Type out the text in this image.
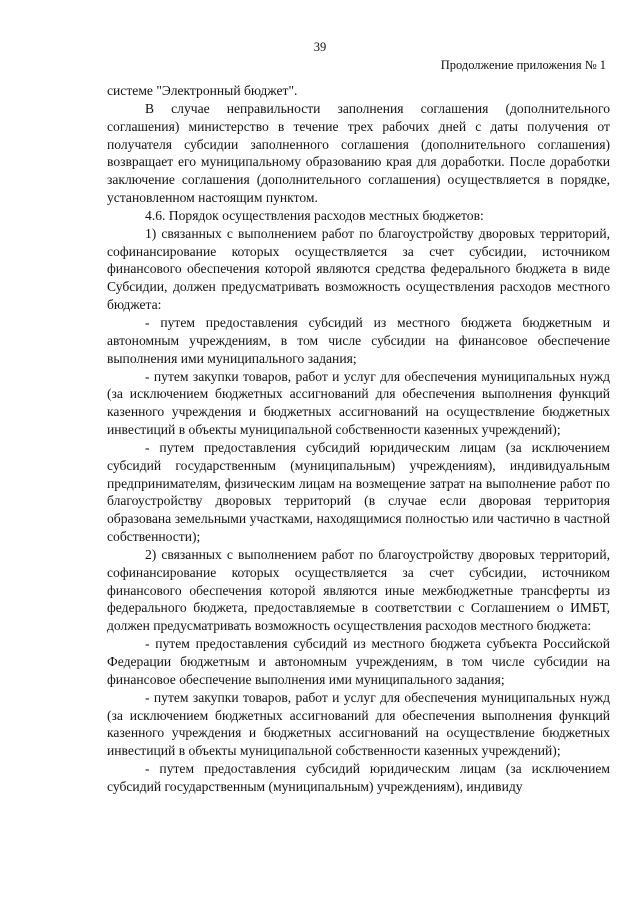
39
Продолжение приложения № 1

системе "Электронный бюджет".

В случае неправильности заполнения соглашения (дополнительного соглашения) министерство в течение трех рабочих дней с даты получения от получателя субсидии заполненного соглашения (дополнительного соглашения) возвращает его муниципальному образованию края для доработки. После доработки заключение соглашения (дополнительного соглашения) осуществляется в порядке, установленном настоящим пунктом.

4.6. Порядок осуществления расходов местных бюджетов:

1) связанных с выполнением работ по благоустройству дворовых территорий, софинансирование которых осуществляется за счет субсидии, источником финансового обеспечения которой являются средства федерального бюджета в виде Субсидии, должен предусматривать возможность осуществления расходов местного бюджета:

- путем предоставления субсидий из местного бюджета бюджетным и автономным учреждениям, в том числе субсидии на финансовое обеспечение выполнения ими муниципального задания;

- путем закупки товаров, работ и услуг для обеспечения муниципальных нужд (за исключением бюджетных ассигнований для обеспечения выполнения функций казенного учреждения и бюджетных ассигнований на осуществление бюджетных инвестиций в объекты муниципальной собственности казенных учреждений);

- путем предоставления субсидий юридическим лицам (за исключением субсидий государственным (муниципальным) учреждениям), индивидуальным предпринимателям, физическим лицам на возмещение затрат на выполнение работ по благоустройству дворовых территорий (в случае если дворовая территория образована земельными участками, находящимися полностью или частично в частной собственности);

2) связанных с выполнением работ по благоустройству дворовых территорий, софинансирование которых осуществляется за счет субсидии, источником финансового обеспечения которой являются иные межбюджетные трансферты из федерального бюджета, предоставляемые в соответствии с Соглашением о ИМБТ, должен предусматривать возможность осуществления расходов местного бюджета:

- путем предоставления субсидий из местного бюджета субъекта Российской Федерации бюджетным и автономным учреждениям, в том числе субсидии на финансовое обеспечение выполнения ими муниципального задания;

- путем закупки товаров, работ и услуг для обеспечения муниципальных нужд (за исключением бюджетных ассигнований для обеспечения выполнения функций казенного учреждения и бюджетных ассигнований на осуществление бюджетных инвестиций в объекты муниципальной собственности казенных учреждений);

- путем предоставления субсидий юридическим лицам (за исключением субсидий государственным (муниципальным) учреждениям), индивиду
